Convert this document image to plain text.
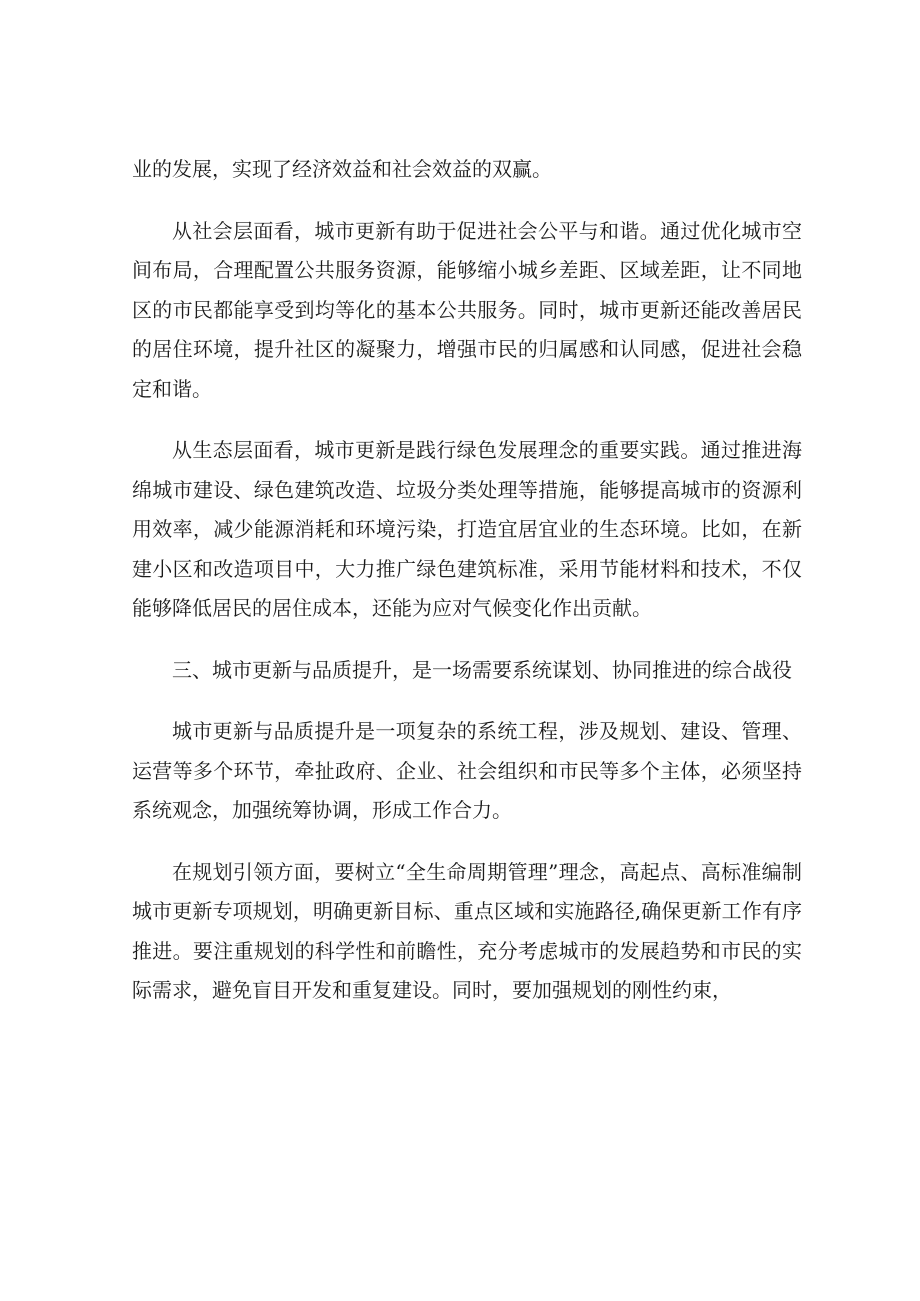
业的发展，实现了经济效益和社会效益的双赢。

从社会层面看，城市更新有助于促进社会公平与和谐。通过优化城市空间布局，合理配置公共服务资源，能够缩小城乡差距、区域差距，让不同地区的市民都能享受到均等化的基本公共服务。同时，城市更新还能改善居民的居住环境，提升社区的凝聚力，增强市民的归属感和认同感，促进社会稳定和谐。

从生态层面看，城市更新是践行绿色发展理念的重要实践。通过推进海绵城市建设、绿色建筑改造、垃圾分类处理等措施，能够提高城市的资源利用效率，减少能源消耗和环境污染，打造宜居宜业的生态环境。比如，在新建小区和改造项目中，大力推广绿色建筑标准，采用节能材料和技术，不仅能够降低居民的居住成本，还能为应对气候变化作出贡献。

三、城市更新与品质提升，是一场需要系统谋划、协同推进的综合战役

城市更新与品质提升是一项复杂的系统工程，涉及规划、建设、管理、运营等多个环节，牵扯政府、企业、社会组织和市民等多个主体，必须坚持系统观念，加强统筹协调，形成工作合力。

在规划引领方面，要树立“全生命周期管理”理念，高起点、高标准编制城市更新专项规划，明确更新目标、重点区域和实施路径,确保更新工作有序推进。要注重规划的科学性和前瞻性，充分考虑城市的发展趋势和市民的实际需求，避免盲目开发和重复建设。同时，要加强规划的刚性约束，
